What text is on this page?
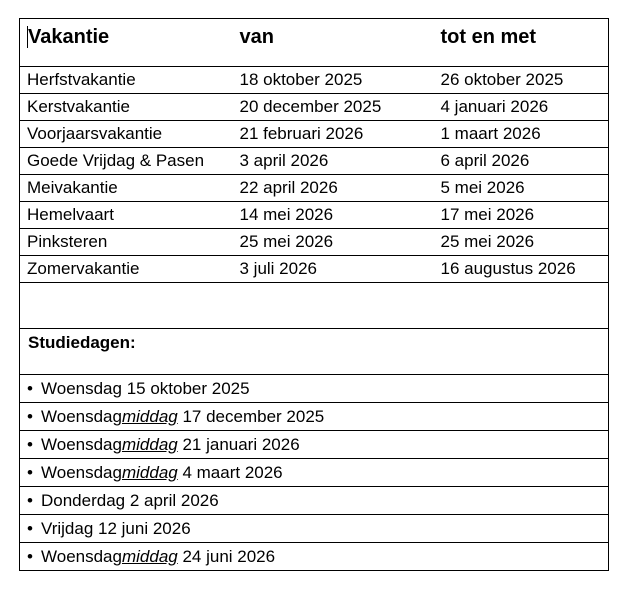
Vakantie	van	tot en met
Herfstvakantie	18 oktober 2025	26 oktober 2025
Kerstvakantie	20 december 2025	4 januari 2026
Voorjaarsvakantie	21 februari 2026	1 maart 2026
Goede Vrijdag & Pasen	3 april 2026	6 april 2026
Meivakantie	22 april 2026	5 mei 2026
Hemelvaart	14 mei 2026	17 mei 2026
Pinksteren	25 mei 2026	25 mei 2026
Zomervakantie	3 juli 2026	16 augustus 2026

Studiedagen:		
• Woensdag 15 oktober 2025		
• Woensdagmiddag 17 december 2025		
• Woensdagmiddag 21 januari 2026		
• Woensdagmiddag 4 maart 2026		
• Donderdag 2 april 2026		
• Vrijdag 12 juni 2026		
• Woensdagmiddag 24 juni 2026		
